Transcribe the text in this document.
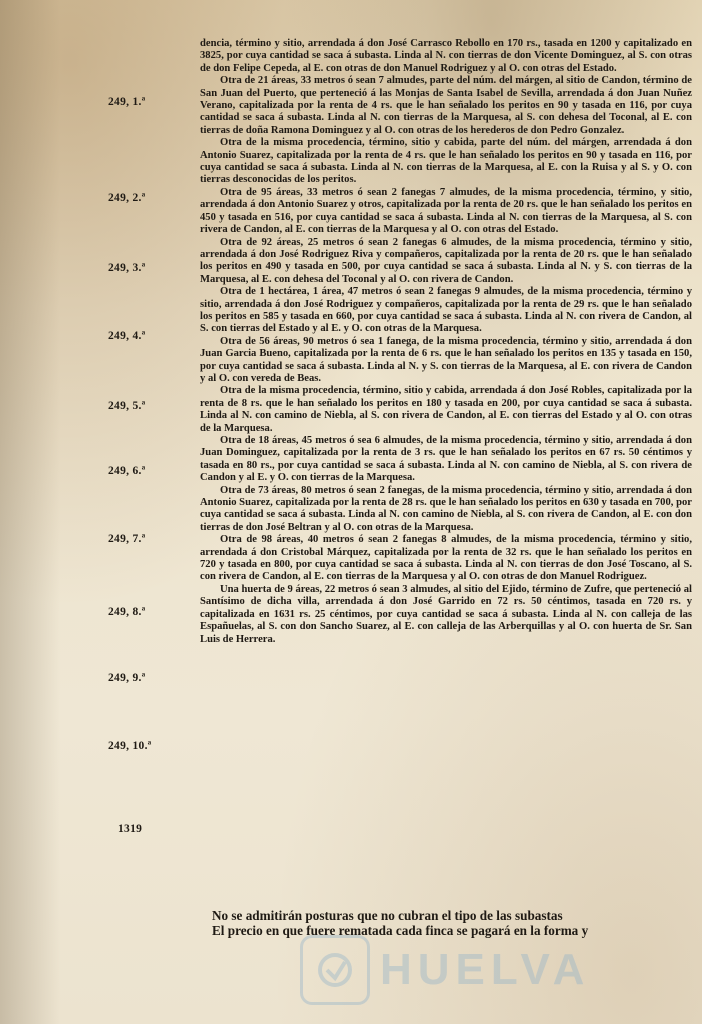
249, 1.ª
249, 2.ª
249, 3.ª
249, 4.ª
249, 5.ª
249, 6.ª
249, 7.ª
249, 8.ª
249, 9.ª
249, 10.ª
1319

dencia, término y sitio, arrendada á don José Carrasco Rebollo en 170 rs., tasada en 1200 y capitalizado en 3825, por cuya cantidad se saca á subasta. Linda al N. con tierras de don Vicente Dominguez, al S. con otras de don Felipe Cepeda, al E. con otras de don Manuel Rodriguez y al O. con otras del Estado.

Otra de 21 áreas, 33 metros ó sean 7 almudes, parte del núm. del márgen, al sitio de Candon, término de San Juan del Puerto, que perteneció á las Monjas de Santa Isabel de Sevilla, arrendada á don Juan Nuñez Verano, capitalizada por la renta de 4 rs. que le han señalado los peritos en 90 y tasada en 116, por cuya cantidad se saca á subasta. Linda al N. con tierras de la Marquesa, al S. con dehesa del Toconal, al E. con tierras de doña Ramona Dominguez y al O. con otras de los herederos de don Pedro Gonzalez.

Otra de la misma procedencia, término, sitio y cabida, parte del núm. del márgen, arrendada á don Antonio Suarez, capitalizada por la renta de 4 rs. que le han señalado los peritos en 90 y tasada en 116, por cuya cantidad se saca á subasta. Linda al N. con tierras de la Marquesa, al E. con la Ruisa y al S. y O. con tierras desconocidas de los peritos.

Otra de 95 áreas, 33 metros ó sean 2 fanegas 7 almudes, de la misma procedencia, término, y sitio, arrendada á don Antonio Suarez y otros, capitalizada por la renta de 20 rs. que le han señalado los peritos en 450 y tasada en 516, por cuya cantidad se saca á subasta. Linda al N. con tierras de la Marquesa, al S. con rivera de Candon, al E. con tierras de la Marquesa y al O. con otras del Estado.

Otra de 92 áreas, 25 metros ó sean 2 fanegas 6 almudes, de la misma procedencia, término y sitio, arrendada á don José Rodriguez Riva y compañeros, capitalizada por la renta de 20 rs. que le han señalado los peritos en 490 y tasada en 500, por cuya cantidad se saca á subasta. Linda al N. y S. con tierras de la Marquesa, al E. con dehesa del Toconal y al O. con rivera de Candon.

Otra de 1 hectárea, 1 área, 47 metros ó sean 2 fanegas 9 almudes, de la misma procedencia, término y sitio, arrendada á don José Rodriguez y compañeros, capitalizada por la renta de 29 rs. que le han señalado los peritos en 585 y tasada en 660, por cuya cantidad se saca á subasta. Linda al N. con rivera de Candon, al S. con tierras del Estado y al E. y O. con otras de la Marquesa.

Otra de 56 áreas, 90 metros ó sea 1 fanega, de la misma procedencia, término y sitio, arrendada á don Juan Garcia Bueno, capitalizada por la renta de 6 rs. que le han señalado los peritos en 135 y tasada en 150, por cuya cantidad se saca á subasta. Linda al N. y S. con tierras de la Marquesa, al E. con rivera de Candon y al O. con vereda de Beas.

Otra de la misma procedencia, término, sitio y cabida, arrendada á don José Robles, capitalizada por la renta de 8 rs. que le han señalado los peritos en 180 y tasada en 200, por cuya cantidad se saca á subasta. Linda al N. con camino de Niebla, al S. con rivera de Candon, al E. con tierras del Estado y al O. con otras de la Marquesa.

Otra de 18 áreas, 45 metros ó sea 6 almudes, de la misma procedencia, término y sitio, arrendada á don Juan Dominguez, capitalizada por la renta de 3 rs. que le han señalado los peritos en 67 rs. 50 céntimos y tasada en 80 rs., por cuya cantidad se saca á subasta. Linda al N. con camino de Niebla, al S. con rivera de Candon y al E. y O. con tierras de la Marquesa.

Otra de 73 áreas, 80 metros ó sean 2 fanegas, de la misma procedencia, término y sitio, arrendada á don Antonio Suarez, capitalizada por la renta de 28 rs. que le han señalado los peritos en 630 y tasada en 700, por cuya cantidad se saca á subasta. Linda al N. con camino de Niebla, al S. con rivera de Candon, al E. con don tierras de don José Beltran y al O. con otras de la Marquesa.

Otra de 98 áreas, 40 metros ó sean 2 fanegas 8 almudes, de la misma procedencia, término y sitio, arrendada á don Cristobal Márquez, capitalizada por la renta de 32 rs. que le han señalado los peritos en 720 y tasada en 800, por cuya cantidad se saca á subasta. Linda al N. con tierras de don José Toscano, al S. con rivera de Candon, al E. con tierras de la Marquesa y al O. con otras de don Manuel Rodriguez.

Una huerta de 9 áreas, 22 metros ó sean 3 almudes, al sitio del Ejido, término de Zufre, que perteneció al Santísimo de dicha villa, arrendada á don José Garrido en 72 rs. 50 céntimos, tasada en 720 rs. y capitalizada en 1631 rs. 25 céntimos, por cuya cantidad se saca á subasta. Linda al N. con calleja de las Españuelas, al S. con don Sancho Suarez, al E. con calleja de las Arberquillas y al O. con huerta de Sr. San Luis de Herrera.

No se admitirán posturas que no cubran el tipo de las subastas

El precio en que fuere rematada cada finca se pagará en la forma y

HUELVA
